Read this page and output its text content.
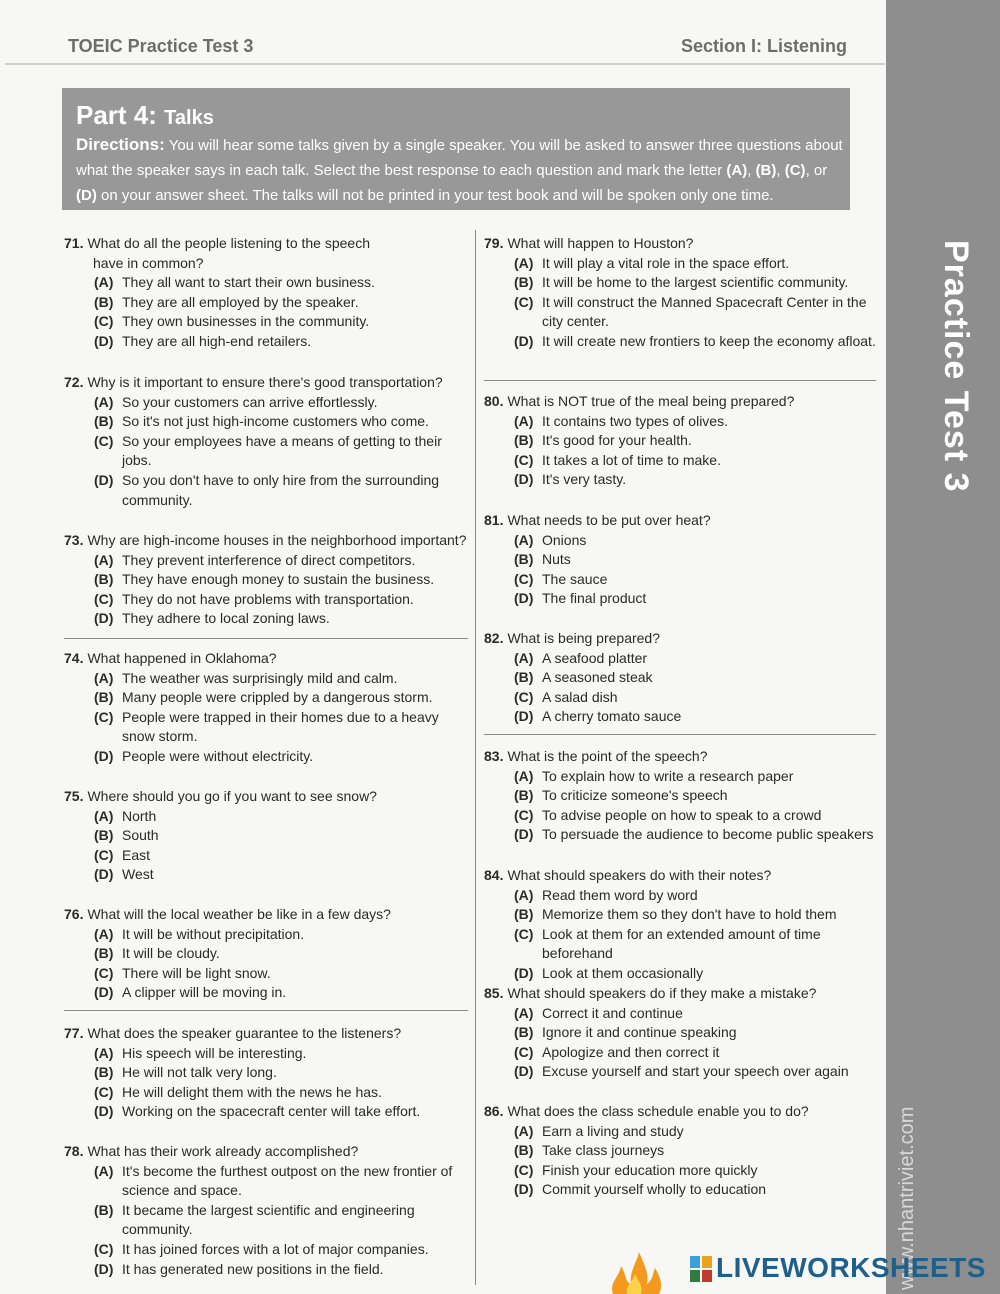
TOEIC Practice Test 3	Section I: Listening
Part 4: Talks
Directions: You will hear some talks given by a single speaker. You will be asked to answer three questions about what the speaker says in each talk. Select the best response to each question and mark the letter (A), (B), (C), or (D) on your answer sheet. The talks will not be printed in your test book and will be spoken only one time.
Practice Test 3
www.nhantriviet.com
71. What do all the people listening to the speech
have in common?
(A) They all want to start their own business.
(B) They are all employed by the speaker.
(C) They own businesses in the community.
(D) They are all high-end retailers.
72. Why is it important to ensure there's good transportation?
(A) So your customers can arrive effortlessly.
(B) So it's not just high-income customers who come.
(C) So your employees have a means of getting to their jobs.
(D) So you don't have to only hire from the surrounding community.
73. Why are high-income houses in the neighborhood important?
(A) They prevent interference of direct competitors.
(B) They have enough money to sustain the business.
(C) They do not have problems with transportation.
(D) They adhere to local zoning laws.
74. What happened in Oklahoma?
(A) The weather was surprisingly mild and calm.
(B) Many people were crippled by a dangerous storm.
(C) People were trapped in their homes due to a heavy snow storm.
(D) People were without electricity.
75. Where should you go if you want to see snow?
(A) North
(B) South
(C) East
(D) West
76. What will the local weather be like in a few days?
(A) It will be without precipitation.
(B) It will be cloudy.
(C) There will be light snow.
(D) A clipper will be moving in.
77. What does the speaker guarantee to the listeners?
(A) His speech will be interesting.
(B) He will not talk very long.
(C) He will delight them with the news he has.
(D) Working on the spacecraft center will take effort.
78. What has their work already accomplished?
(A) It's become the furthest outpost on the new frontier of science and space.
(B) It became the largest scientific and engineering community.
(C) It has joined forces with a lot of major companies.
(D) It has generated new positions in the field.
79. What will happen to Houston?
(A) It will play a vital role in the space effort.
(B) It will be home to the largest scientific community.
(C) It will construct the Manned Spacecraft Center in the city center.
(D) It will create new frontiers to keep the economy afloat.
80. What is NOT true of the meal being prepared?
(A) It contains two types of olives.
(B) It's good for your health.
(C) It takes a lot of time to make.
(D) It's very tasty.
81. What needs to be put over heat?
(A) Onions
(B) Nuts
(C) The sauce
(D) The final product
82. What is being prepared?
(A) A seafood platter
(B) A seasoned steak
(C) A salad dish
(D) A cherry tomato sauce
83. What is the point of the speech?
(A) To explain how to write a research paper
(B) To criticize someone's speech
(C) To advise people on how to speak to a crowd
(D) To persuade the audience to become public speakers
84. What should speakers do with their notes?
(A) Read them word by word
(B) Memorize them so they don't have to hold them
(C) Look at them for an extended amount of time beforehand
(D) Look at them occasionally
85. What should speakers do if they make a mistake?
(A) Correct it and continue
(B) Ignore it and continue speaking
(C) Apologize and then correct it
(D) Excuse yourself and start your speech over again
86. What does the class schedule enable you to do?
(A) Earn a living and study
(B) Take class journeys
(C) Finish your education more quickly
(D) Commit yourself wholly to education
LIVEWORKSHEETS
